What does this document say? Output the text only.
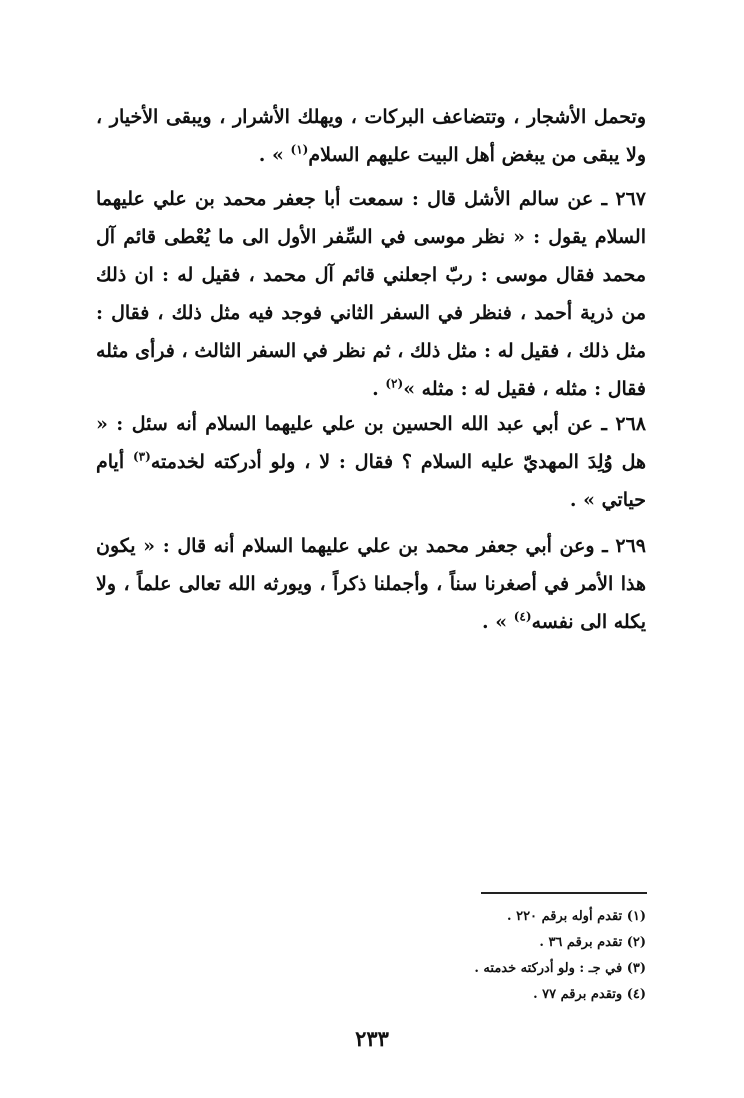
وتحمل الأشجار ، وتتضاعف البركات ، ويهلك الأشرار ، ويبقى الأخيار ، ولا يبقى من يبغض أهل البيت عليهم السلام$^{(١)}$ » .

٢٦٧ ـ عن سالم الأشل قال : سمعت أبا جعفر محمد بن علي عليهما السلام يقول : « نظر موسى في السِّفر الأول الى ما يُعْطى قائم آل محمد فقال موسى : ربّ اجعلني قائم آل محمد ، فقيل له : ان ذلك من ذرية أحمد ، فنظر في السفر الثاني فوجد فيه مثل ذلك ، فقال : مثل ذلك ، فقيل له : مثل ذلك ، ثم نظر في السفر الثالث ، فرأى مثله فقال : مثله ، فقيل له : مثله »$^{(٢)}$ .

٢٦٨ ـ عن أبي عبد الله الحسين بن علي عليهما السلام أنه سئل : « هل وُلِدَ المهديّ عليه السلام ؟ فقال : لا ، ولو أدركته لخدمته$^{(٣)}$ أيام حياتي » .

٢٦٩ ـ وعن أبي جعفر محمد بن علي عليهما السلام أنه قال : « يكون هذا الأمر في أصغرنا سناً ، وأجملنا ذكراً ، ويورثه الله تعالى علماً ، ولا يكله الى نفسه$^{(٤)}$ » .

(١) تقدم أوله برقم ٢٢٠ .
(٢) تقدم برقم ٣٦ .
(٣) في جـ : ولو أدركته خدمته .
(٤) وتقدم برقم ٧٧ .
٢٣٣
